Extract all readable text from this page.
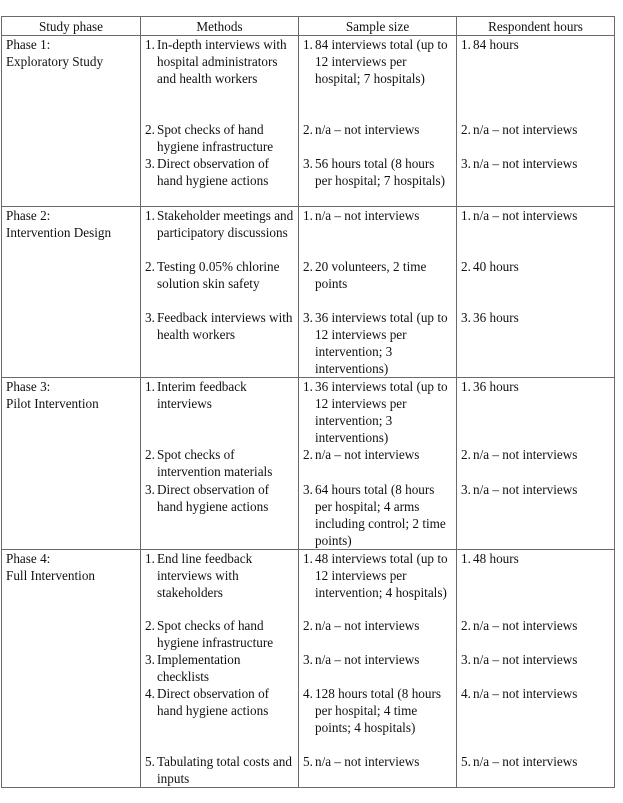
Study phase	Methods	Sample size	Respondent hours

Phase 1:
Exploratory Study	1. In-depth interviews with hospital administrators and health workers	1. 84 interviews total (up to 12 interviews per hospital; 7 hospitals)	1. 84 hours

	2. Spot checks of hand hygiene infrastructure	2. n/a – not interviews	2. n/a – not interviews

	3. Direct observation of hand hygiene actions	3. 56 hours total (8 hours per hospital; 7 hospitals)	3. n/a – not interviews

Phase 2:
Intervention Design	1. Stakeholder meetings and participatory discussions	1. n/a – not interviews	1. n/a – not interviews

	2. Testing 0.05% chlorine solution skin safety	2. 20 volunteers, 2 time points	2. 40 hours

	3. Feedback interviews with health workers	3. 36 interviews total (up to 12 interviews per intervention; 3 interventions)	3. 36 hours

Phase 3:
Pilot Intervention	1. Interim feedback interviews	1. 36 interviews total (up to 12 interviews per intervention; 3 interventions)	1. 36 hours

	2. Spot checks of intervention materials	2. n/a – not interviews	2. n/a – not interviews

	3. Direct observation of hand hygiene actions	3. 64 hours total (8 hours per hospital; 4 arms including control; 2 time points)	3. n/a – not interviews

Phase 4:
Full Intervention	1. End line feedback interviews with stakeholders	1. 48 interviews total (up to 12 interviews per intervention; 4 hospitals)	1. 48 hours

	2. Spot checks of hand hygiene infrastructure	2. n/a – not interviews	2. n/a – not interviews

	3. Implementation checklists	3. n/a – not interviews	3. n/a – not interviews

	4. Direct observation of hand hygiene actions	4. 128 hours total (8 hours per hospital; 4 time points; 4 hospitals)	4. n/a – not interviews

	5. Tabulating total costs and inputs	5. n/a – not interviews	5. n/a – not interviews
